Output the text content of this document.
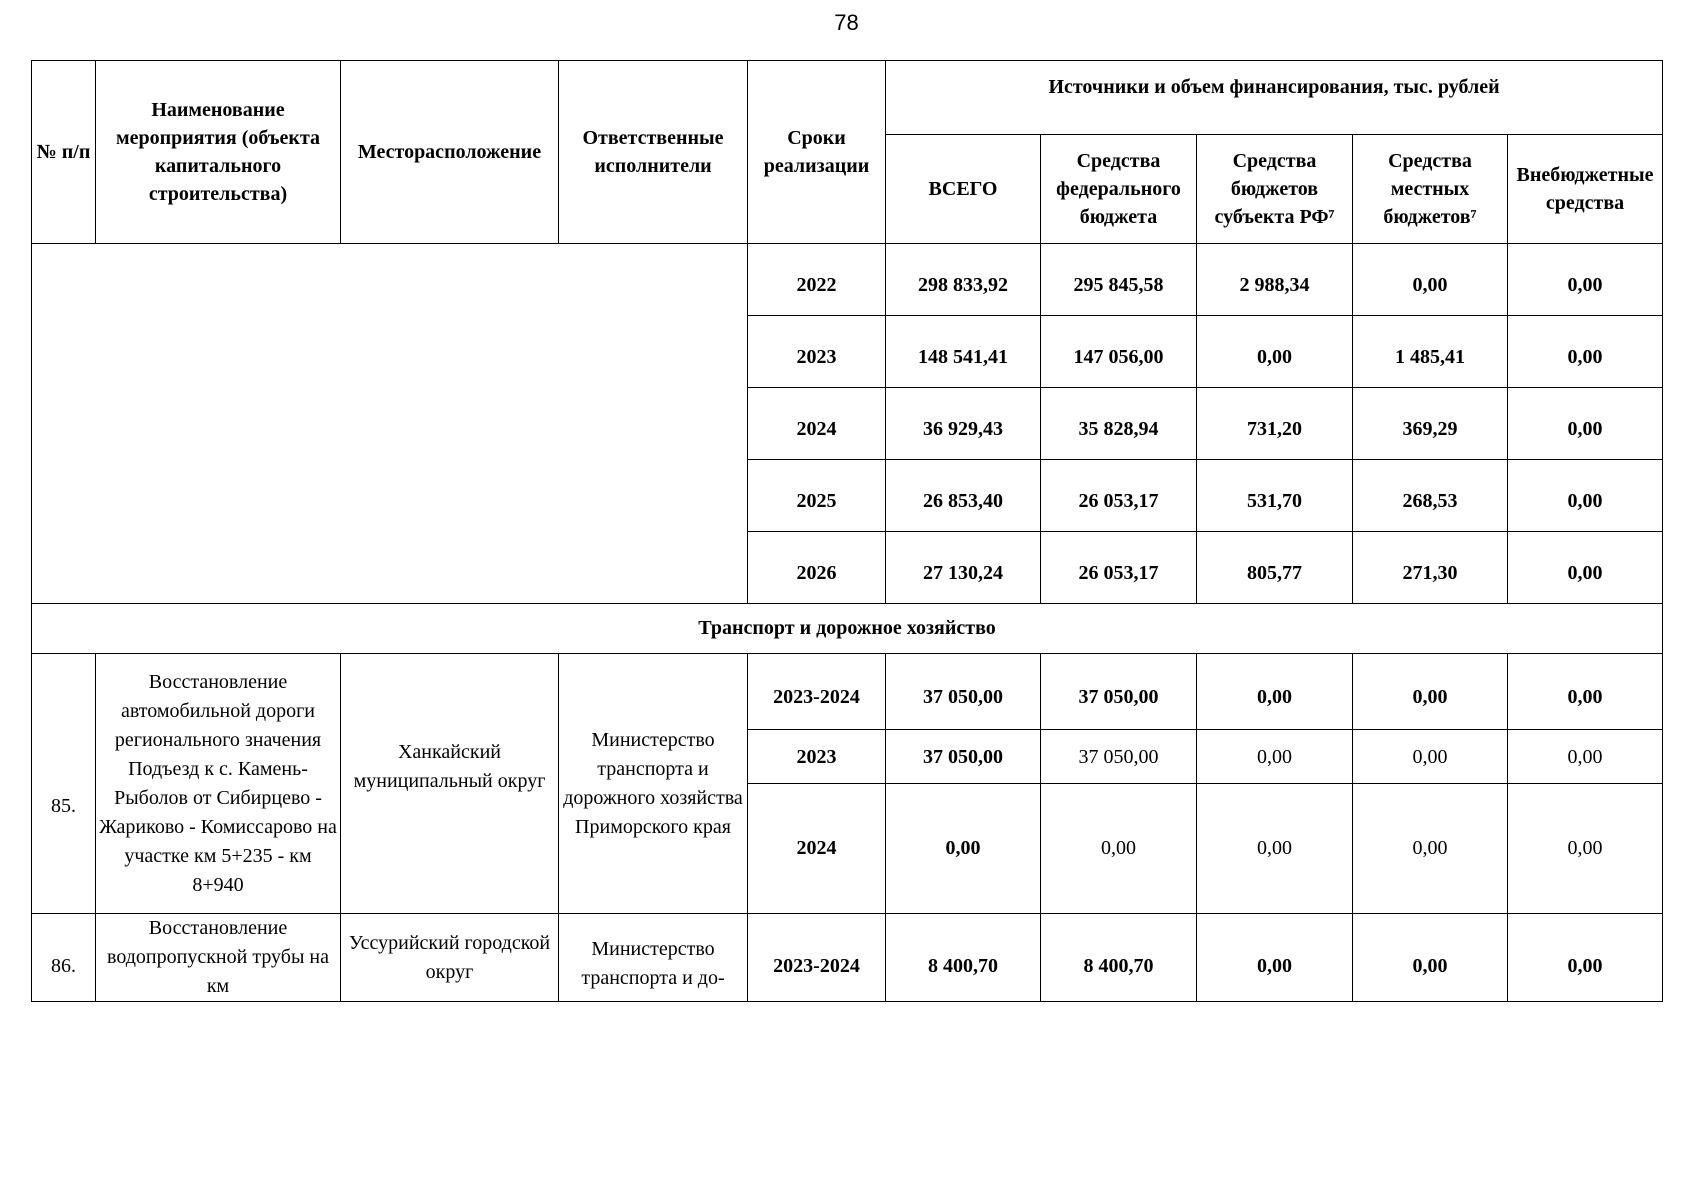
78
№ п/п	Наименование мероприятия (объекта капитального строительства)	Месторасположение	Ответственные исполнители	Сроки реализации	Источники и объем финансирования, тыс. рублей				
					ВСЕГО	Средства федерального бюджета	Средства бюджетов субъекта РФ⁷	Средства местных бюджетов⁷	Внебюджетные средства
				2022	298 833,92	295 845,58	2 988,34	0,00	0,00
				2023	148 541,41	147 056,00	0,00	1 485,41	0,00
				2024	36 929,43	35 828,94	731,20	369,29	0,00
				2025	26 853,40	26 053,17	531,70	268,53	0,00
				2026	27 130,24	26 053,17	805,77	271,30	0,00
Транспорт и дорожное хозяйство									
85.	Восстановление автомобильной дороги регионального значения Подъезд к с. Камень-Рыболов от Сибирцево - Жариково - Комиссарово на участке км 5+235 - км 8+940	Ханкайский муниципальный округ	Министерство транспорта и дорожного хозяйства Приморского края	2023-2024	37 050,00	37 050,00	0,00	0,00	0,00
				2023	37 050,00	37 050,00	0,00	0,00	0,00
				2024	0,00	0,00	0,00	0,00	0,00
86.	Восстановление водопропускной трубы на км	Уссурийский городской округ	Министерство транспорта и до-	2023-2024	8 400,70	8 400,70	0,00	0,00	0,00
